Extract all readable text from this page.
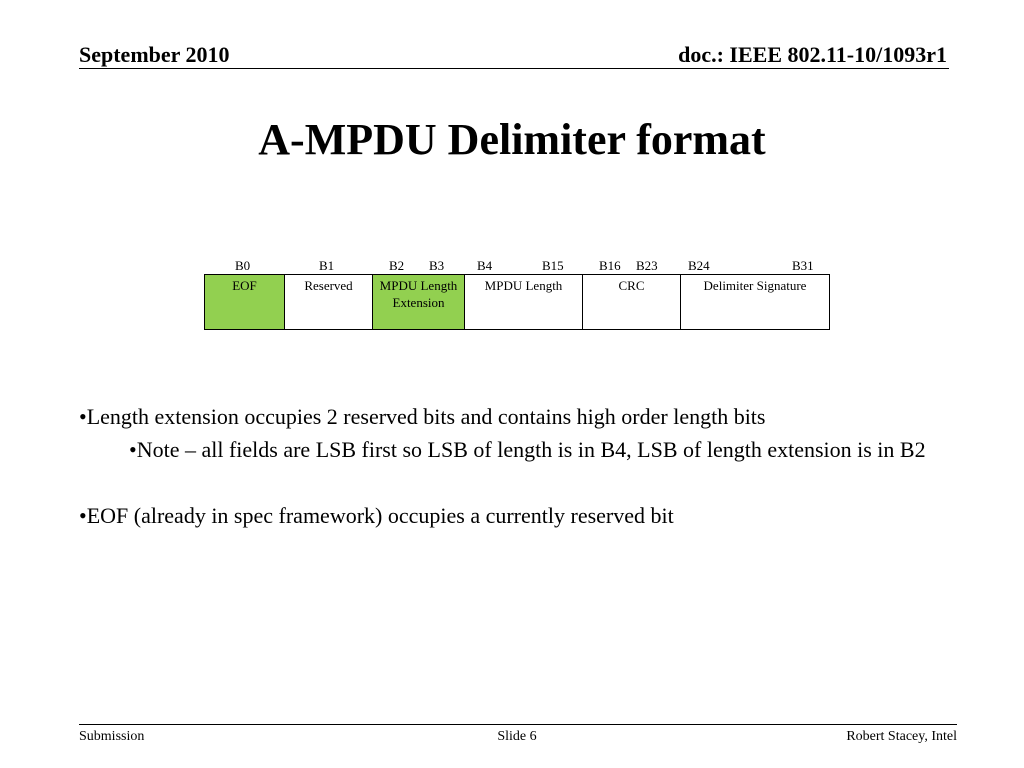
September 2010	doc.: IEEE 802.11-10/1093r1
A-MPDU Delimiter format
B0	B1	B2 B3	B4	B15	B16 B23 B24	B31
EOF	Reserved	MPDU Length Extension	MPDU Length	CRC	Delimiter Signature

•Length extension occupies 2 reserved bits and contains high order length bits

•Note – all fields are LSB first so LSB of length is in B4, LSB of length extension is in B2

•EOF (already in spec framework) occupies a currently reserved bit

Submission	Slide 6	Robert Stacey, Intel
